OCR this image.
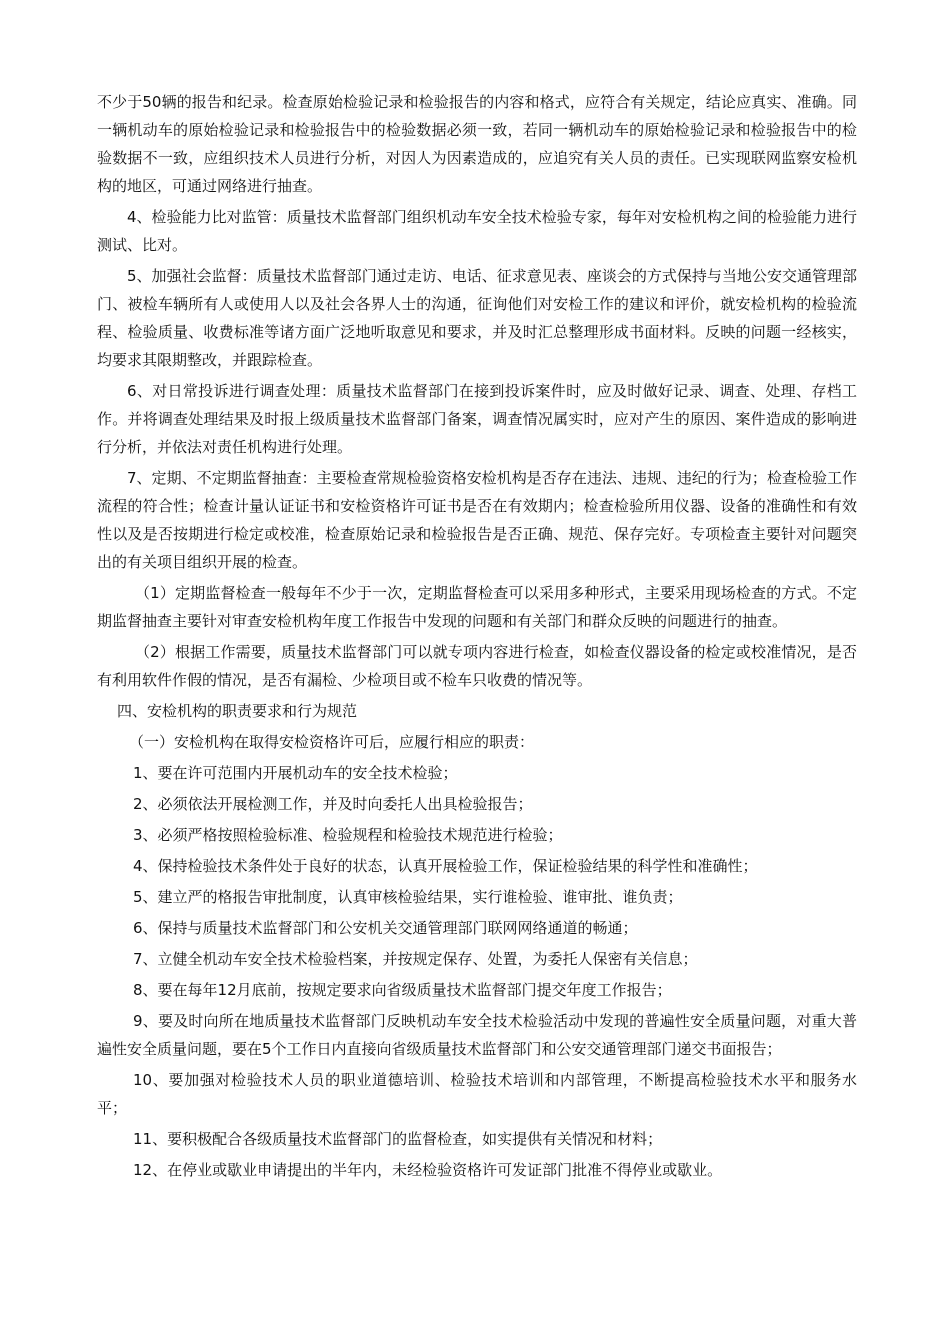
不少于50辆的报告和纪录。检查原始检验记录和检验报告的内容和格式，应符合有关规定，结论应真实、准确。同一辆机动车的原始检验记录和检验报告中的检验数据必须一致，若同一辆机动车的原始检验记录和检验报告中的检验数据不一致，应组织技术人员进行分析，对因人为因素造成的，应追究有关人员的责任。已实现联网监察安检机构的地区，可通过网络进行抽查。

4、检验能力比对监管：质量技术监督部门组织机动车安全技术检验专家，每年对安检机构之间的检验能力进行测试、比对。

5、加强社会监督：质量技术监督部门通过走访、电话、征求意见表、座谈会的方式保持与当地公安交通管理部门、被检车辆所有人或使用人以及社会各界人士的沟通，征询他们对安检工作的建议和评价，就安检机构的检验流程、检验质量、收费标准等诸方面广泛地听取意见和要求，并及时汇总整理形成书面材料。反映的问题一经核实，均要求其限期整改，并跟踪检查。

6、对日常投诉进行调查处理：质量技术监督部门在接到投诉案件时，应及时做好记录、调查、处理、存档工作。并将调查处理结果及时报上级质量技术监督部门备案，调查情况属实时，应对产生的原因、案件造成的影响进行分析，并依法对责任机构进行处理。

7、定期、不定期监督抽查：主要检查常规检验资格安检机构是否存在违法、违规、违纪的行为；检查检验工作流程的符合性；检查计量认证证书和安检资格许可证书是否在有效期内；检查检验所用仪器、设备的准确性和有效性以及是否按期进行检定或校准，检查原始记录和检验报告是否正确、规范、保存完好。专项检查主要针对问题突出的有关项目组织开展的检查。

（1）定期监督检查一般每年不少于一次，定期监督检查可以采用多种形式，主要采用现场检查的方式。不定期监督抽查主要针对审查安检机构年度工作报告中发现的问题和有关部门和群众反映的问题进行的抽查。

（2）根据工作需要，质量技术监督部门可以就专项内容进行检查，如检查仪器设备的检定或校准情况，是否有利用软件作假的情况，是否有漏检、少检项目或不检车只收费的情况等。

四、安检机构的职责要求和行为规范

（一）安检机构在取得安检资格许可后，应履行相应的职责：

1、要在许可范围内开展机动车的安全技术检验；

2、必须依法开展检测工作，并及时向委托人出具检验报告；

3、必须严格按照检验标准、检验规程和检验技术规范进行检验；

4、保持检验技术条件处于良好的状态，认真开展检验工作，保证检验结果的科学性和准确性；

5、建立严的格报告审批制度，认真审核检验结果，实行谁检验、谁审批、谁负责；

6、保持与质量技术监督部门和公安机关交通管理部门联网网络通道的畅通；

7、立健全机动车安全技术检验档案，并按规定保存、处置，为委托人保密有关信息；

8、要在每年12月底前，按规定要求向省级质量技术监督部门提交年度工作报告；

9、要及时向所在地质量技术监督部门反映机动车安全技术检验活动中发现的普遍性安全质量问题，对重大普遍性安全质量问题，要在5个工作日内直接向省级质量技术监督部门和公安交通管理部门递交书面报告；

10、要加强对检验技术人员的职业道德培训、检验技术培训和内部管理，不断提高检验技术水平和服务水平；

11、要积极配合各级质量技术监督部门的监督检查，如实提供有关情况和材料；

12、在停业或歇业申请提出的半年内，未经检验资格许可发证部门批准不得停业或歇业。
